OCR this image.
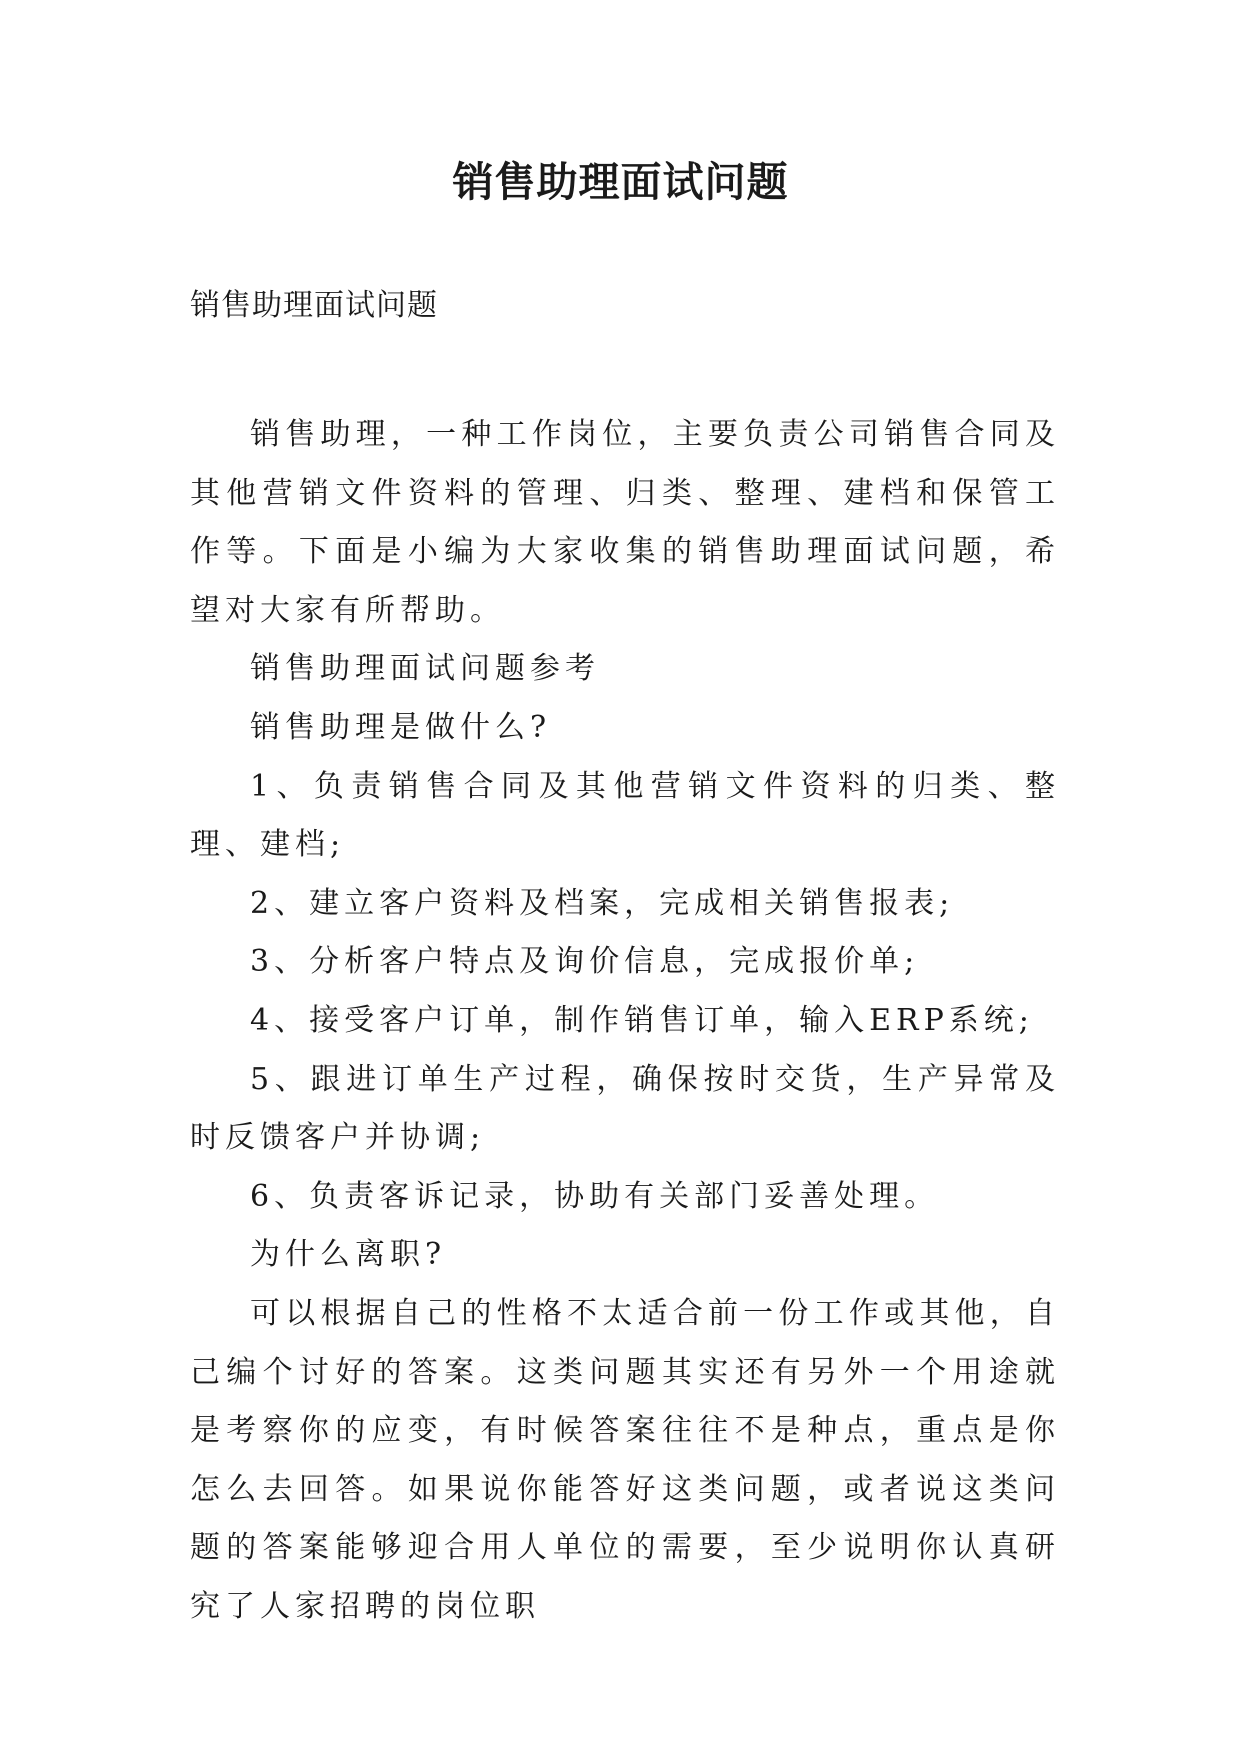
销售助理面试问题
销售助理面试问题

销售助理，一种工作岗位，主要负责公司销售合同及其他营销文件资料的管理、归类、整理、建档和保管工作等。下面是小编为大家收集的销售助理面试问题，希望对大家有所帮助。

销售助理面试问题参考

销售助理是做什么?

1、负责销售合同及其他营销文件资料的归类、整理、建档;

2、建立客户资料及档案，完成相关销售报表;

3、分析客户特点及询价信息，完成报价单;

4、接受客户订单，制作销售订单，输入ERP系统;

5、跟进订单生产过程，确保按时交货，生产异常及时反馈客户并协调;

6、负责客诉记录，协助有关部门妥善处理。

为什么离职?

可以根据自己的性格不太适合前一份工作或其他，自己编个讨好的答案。这类问题其实还有另外一个用途就是考察你的应变，有时候答案往往不是种点，重点是你怎么去回答。如果说你能答好这类问题，或者说这类问题的答案能够迎合用人单位的需要，至少说明你认真研究了人家招聘的岗位职
